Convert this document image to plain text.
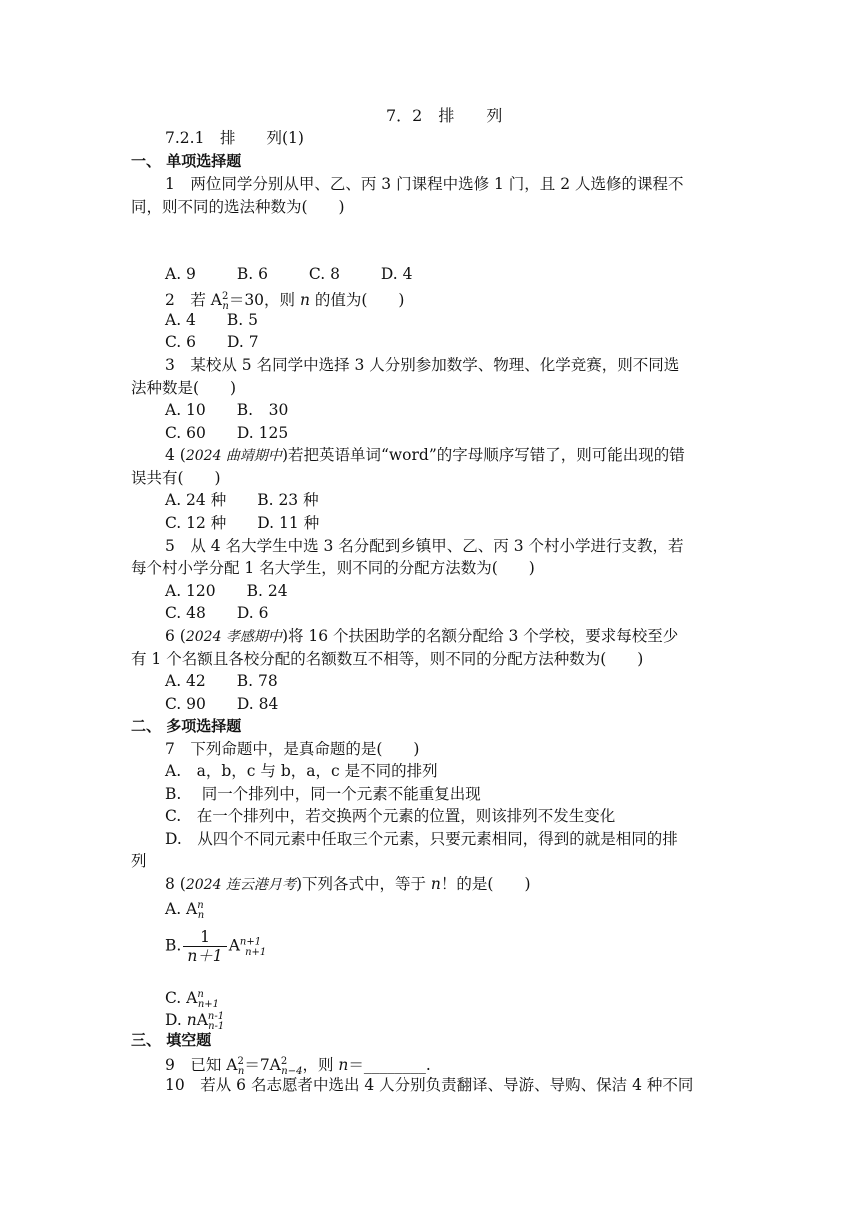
7．2　排　　列
7.2.1　排　　列(1)
一、 单项选择题
1　两位同学分别从甲、乙、丙 3 门课程中选修 1 门，且 2 人选修的课程不
同，则不同的选法种数为(　　)
A. 9	B. 6	C. 8	D. 4
2　若 $A^2_n=30$，则 n 的值为(　　)
A. 4　　B. 5
C. 6　　D. 7
3　某校从 5 名同学中选择 3 人分别参加数学、物理、化学竞赛，则不同选
法种数是(　　)
A. 10　　B.　30
C. 60　　D. 125
4 (2024 曲靖期中)若把英语单词“word”的字母顺序写错了，则可能出现的错
误共有(　　)
A. 24 种　　B. 23 种
C. 12 种　　D. 11 种
5　从 4 名大学生中选 3 名分配到乡镇甲、乙、丙 3 个村小学进行支教，若
每个村小学分配 1 名大学生，则不同的分配方法数为(　　)
A. 120　　B. 24
C. 48　　D. 6
6 (2024 孝感期中)将 16 个扶困助学的名额分配给 3 个学校，要求每校至少
有 1 个名额且各校分配的名额数互不相等，则不同的分配方法种数为(　　)
A. 42　　B. 78
C. 90　　D. 84
二、 多项选择题
7　下列命题中，是真命题的是(　　)
A.　a，b，c 与 b，a，c 是不同的排列
B.　 同一个排列中，同一个元素不能重复出现
C.　在一个排列中，若交换两个元素的位置，则该排列不发生变化
D.　从四个不同元素中任取三个元素，只要元素相同，得到的就是相同的排
列
8 (2024 连云港月考)下列各式中，等于 n！的是(　　)
A. $A^n_n$
B. $\frac{1}{n+1} A^{n+1}_{n+1}$
C. $A^n_{n+1}$
D. $nA^{n-1}_{n-1}$
三、 填空题
9　已知 $A^2_n=7A^2_{n-4}$，则 n＝________.
10　若从 6 名志愿者中选出 4 人分别负责翻译、导游、导购、保洁 4 种不同
